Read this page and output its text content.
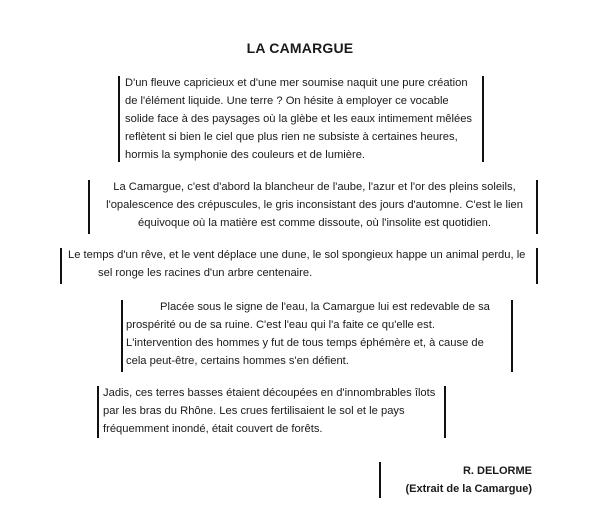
LA CAMARGUE
D'un fleuve capricieux et d'une mer soumise naquit une pure création
de l'élément liquide. Une terre ? On hésite à employer ce vocable
solide face à des paysages où la glèbe et les eaux intimement mêlées
reflètent si bien le ciel que plus rien ne subsiste à certaines heures,
hormis la symphonie des couleurs et de lumière.
La Camargue, c'est d'abord la blancheur de l'aube, l'azur et l'or des pleins soleils,
l'opalescence des crépuscules, le gris inconsistant des jours d'automne. C'est le lien
équivoque où la matière est comme dissoute, où l'insolite est quotidien.
Le temps d'un rêve, et le vent déplace une dune, le sol spongieux happe un animal perdu, le
sel ronge les racines d'un arbre centenaire.
Placée sous le signe de l'eau, la Camargue lui est redevable de sa
prospérité ou de sa ruine. C'est l'eau qui l'a faite ce qu'elle est.
L'intervention des hommes y fut de tous temps éphémère et, à cause de
cela peut-être, certains hommes s'en défient.
Jadis, ces terres basses étaient découpées en d'innombrables îlots
par les bras du Rhône. Les crues fertilisaient le sol et le pays
fréquemment inondé, était couvert de forêts.
R. DELORME
(Extrait de la Camargue)
